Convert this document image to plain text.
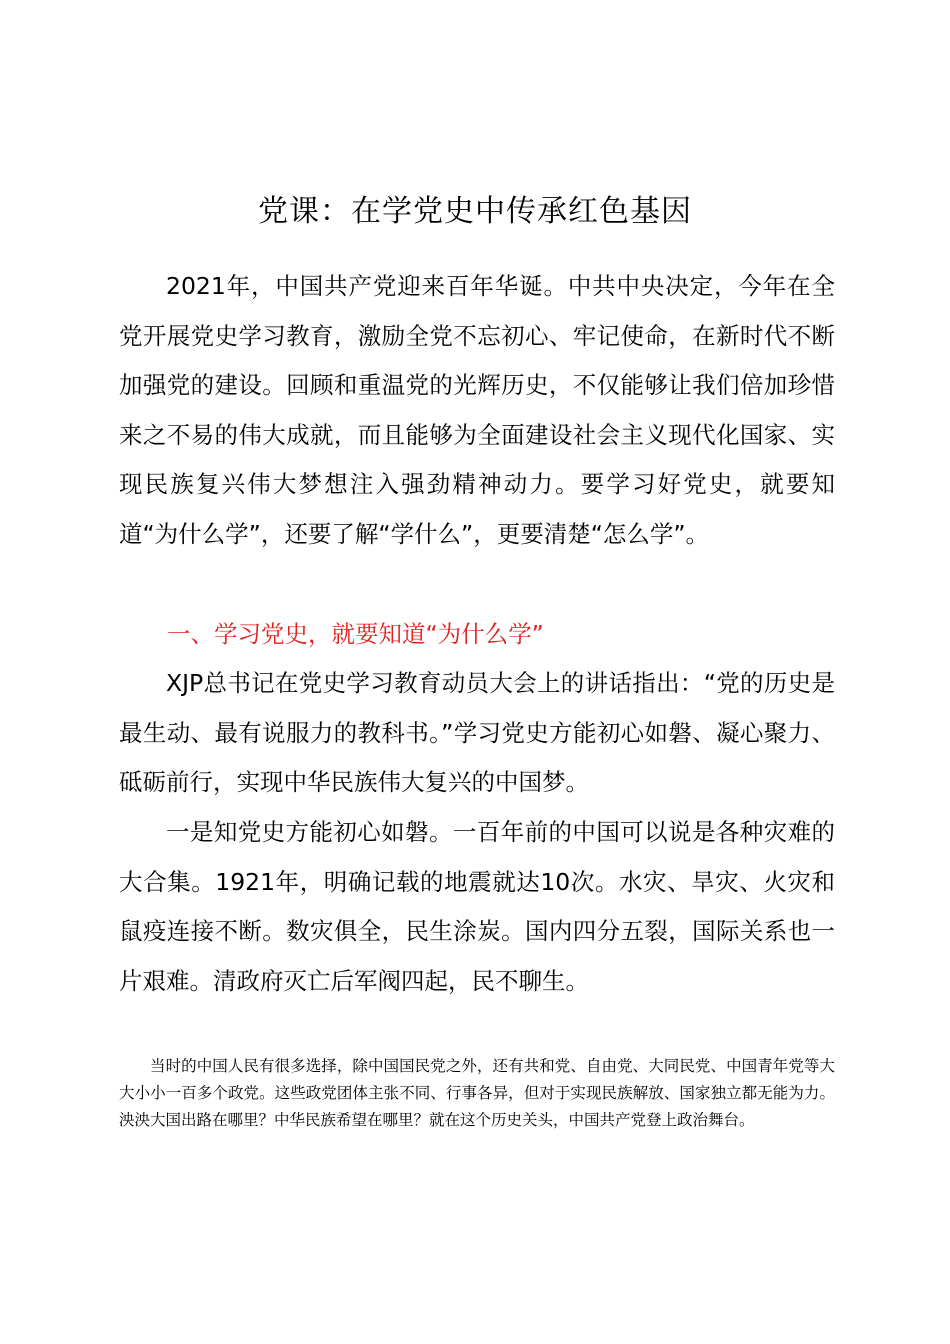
党课：在学党史中传承红色基因

2021年，中国共产党迎来百年华诞。中共中央决定，今年在全党开展党史学习教育，激励全党不忘初心、牢记使命，在新时代不断加强党的建设。回顾和重温党的光辉历史，不仅能够让我们倍加珍惜来之不易的伟大成就，而且能够为全面建设社会主义现代化国家、实现民族复兴伟大梦想注入强劲精神动力。要学习好党史，就要知道“为什么学”，还要了解“学什么”，更要清楚“怎么学”。

一、学习党史，就要知道“为什么学”

XJP总书记在党史学习教育动员大会上的讲话指出：“党的历史是最生动、最有说服力的教科书。”学习党史方能初心如磐、凝心聚力、砥砺前行，实现中华民族伟大复兴的中国梦。

一是知党史方能初心如磐。一百年前的中国可以说是各种灾难的大合集。1921年，明确记载的地震就达10次。水灾、旱灾、火灾和鼠疫连接不断。数灾俱全，民生涂炭。国内四分五裂，国际关系也一片艰难。清政府灭亡后军阀四起，民不聊生。

当时的中国人民有很多选择，除中国国民党之外，还有共和党、自由党、大同民党、中国青年党等大大小小一百多个政党。这些政党团体主张不同、行事各异，但对于实现民族解放、国家独立都无能为力。泱泱大国出路在哪里？中华民族希望在哪里？就在这个历史关头，中国共产党登上政治舞台。
